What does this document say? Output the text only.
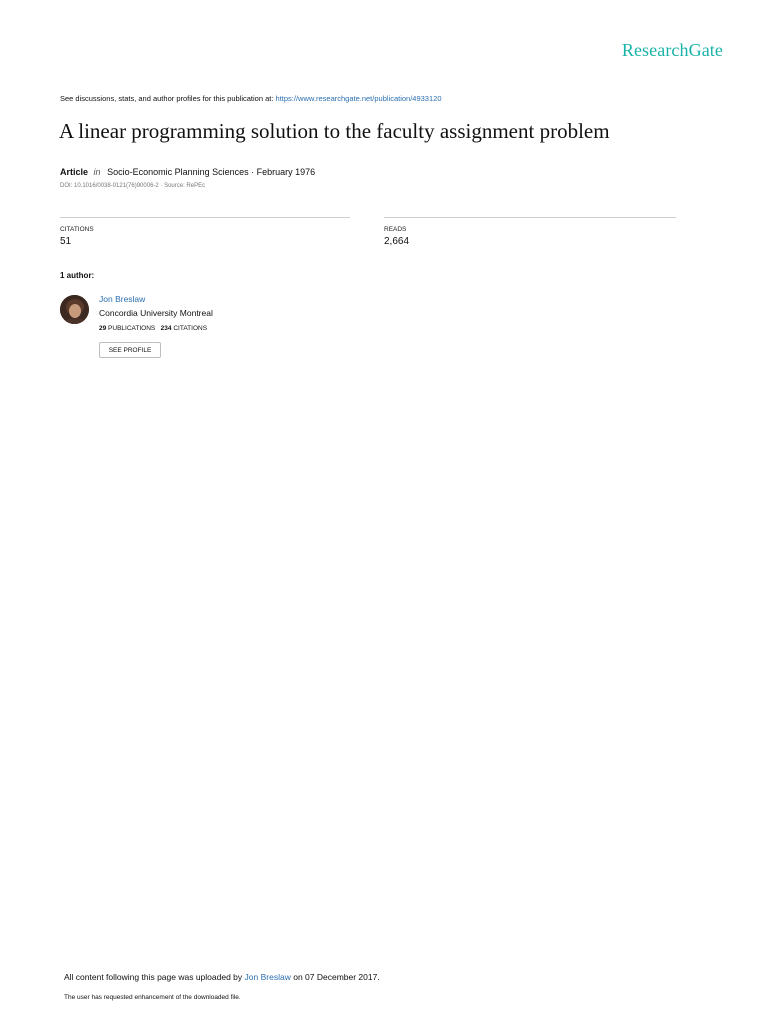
ResearchGate
See discussions, stats, and author profiles for this publication at: https://www.researchgate.net/publication/4933120
A linear programming solution to the faculty assignment problem
Article in Socio-Economic Planning Sciences · February 1976
DOI: 10.1016/0038-0121(76)90006-2 · Source: RePEc
CITATIONS
51
READS
2,664
1 author:
Jon Breslaw
Concordia University Montreal
29 PUBLICATIONS 234 CITATIONS
SEE PROFILE
All content following this page was uploaded by Jon Breslaw on 07 December 2017.
The user has requested enhancement of the downloaded file.
